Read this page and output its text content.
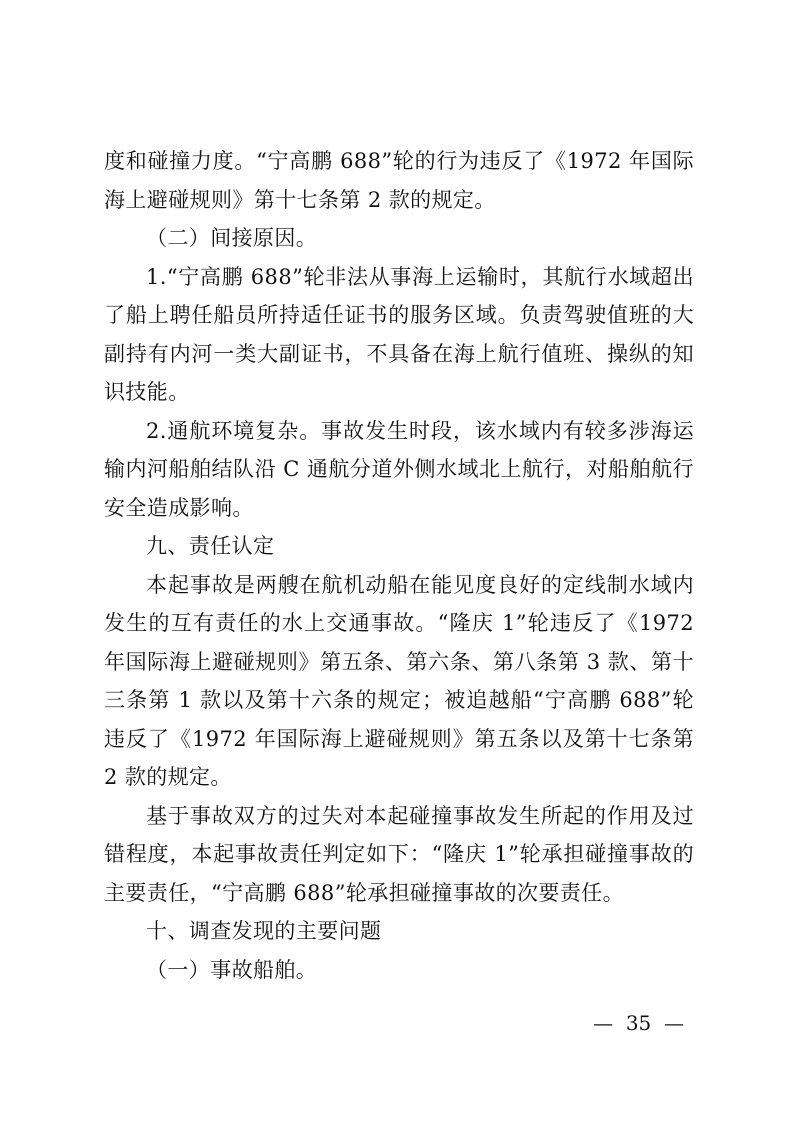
度和碰撞力度。“宁高鹏 688”轮的行为违反了《1972 年国际海上避碰规则》第十七条第 2 款的规定。

（二）间接原因。

1.“宁高鹏 688”轮非法从事海上运输时，其航行水域超出了船上聘任船员所持适任证书的服务区域。负责驾驶值班的大副持有内河一类大副证书，不具备在海上航行值班、操纵的知识技能。

2.通航环境复杂。事故发生时段，该水域内有较多涉海运输内河船舶结队沿 C 通航分道外侧水域北上航行，对船舶航行安全造成影响。

九、责任认定

本起事故是两艘在航机动船在能见度良好的定线制水域内发生的互有责任的水上交通事故。“隆庆 1”轮违反了《1972 年国际海上避碰规则》第五条、第六条、第八条第 3 款、第十三条第 1 款以及第十六条的规定；被追越船“宁高鹏 688”轮违反了《1972 年国际海上避碰规则》第五条以及第十七条第 2 款的规定。

基于事故双方的过失对本起碰撞事故发生所起的作用及过错程度，本起事故责任判定如下：“隆庆 1”轮承担碰撞事故的主要责任，“宁高鹏 688”轮承担碰撞事故的次要责任。

十、调查发现的主要问题

（一）事故船舶。

—  35  —
